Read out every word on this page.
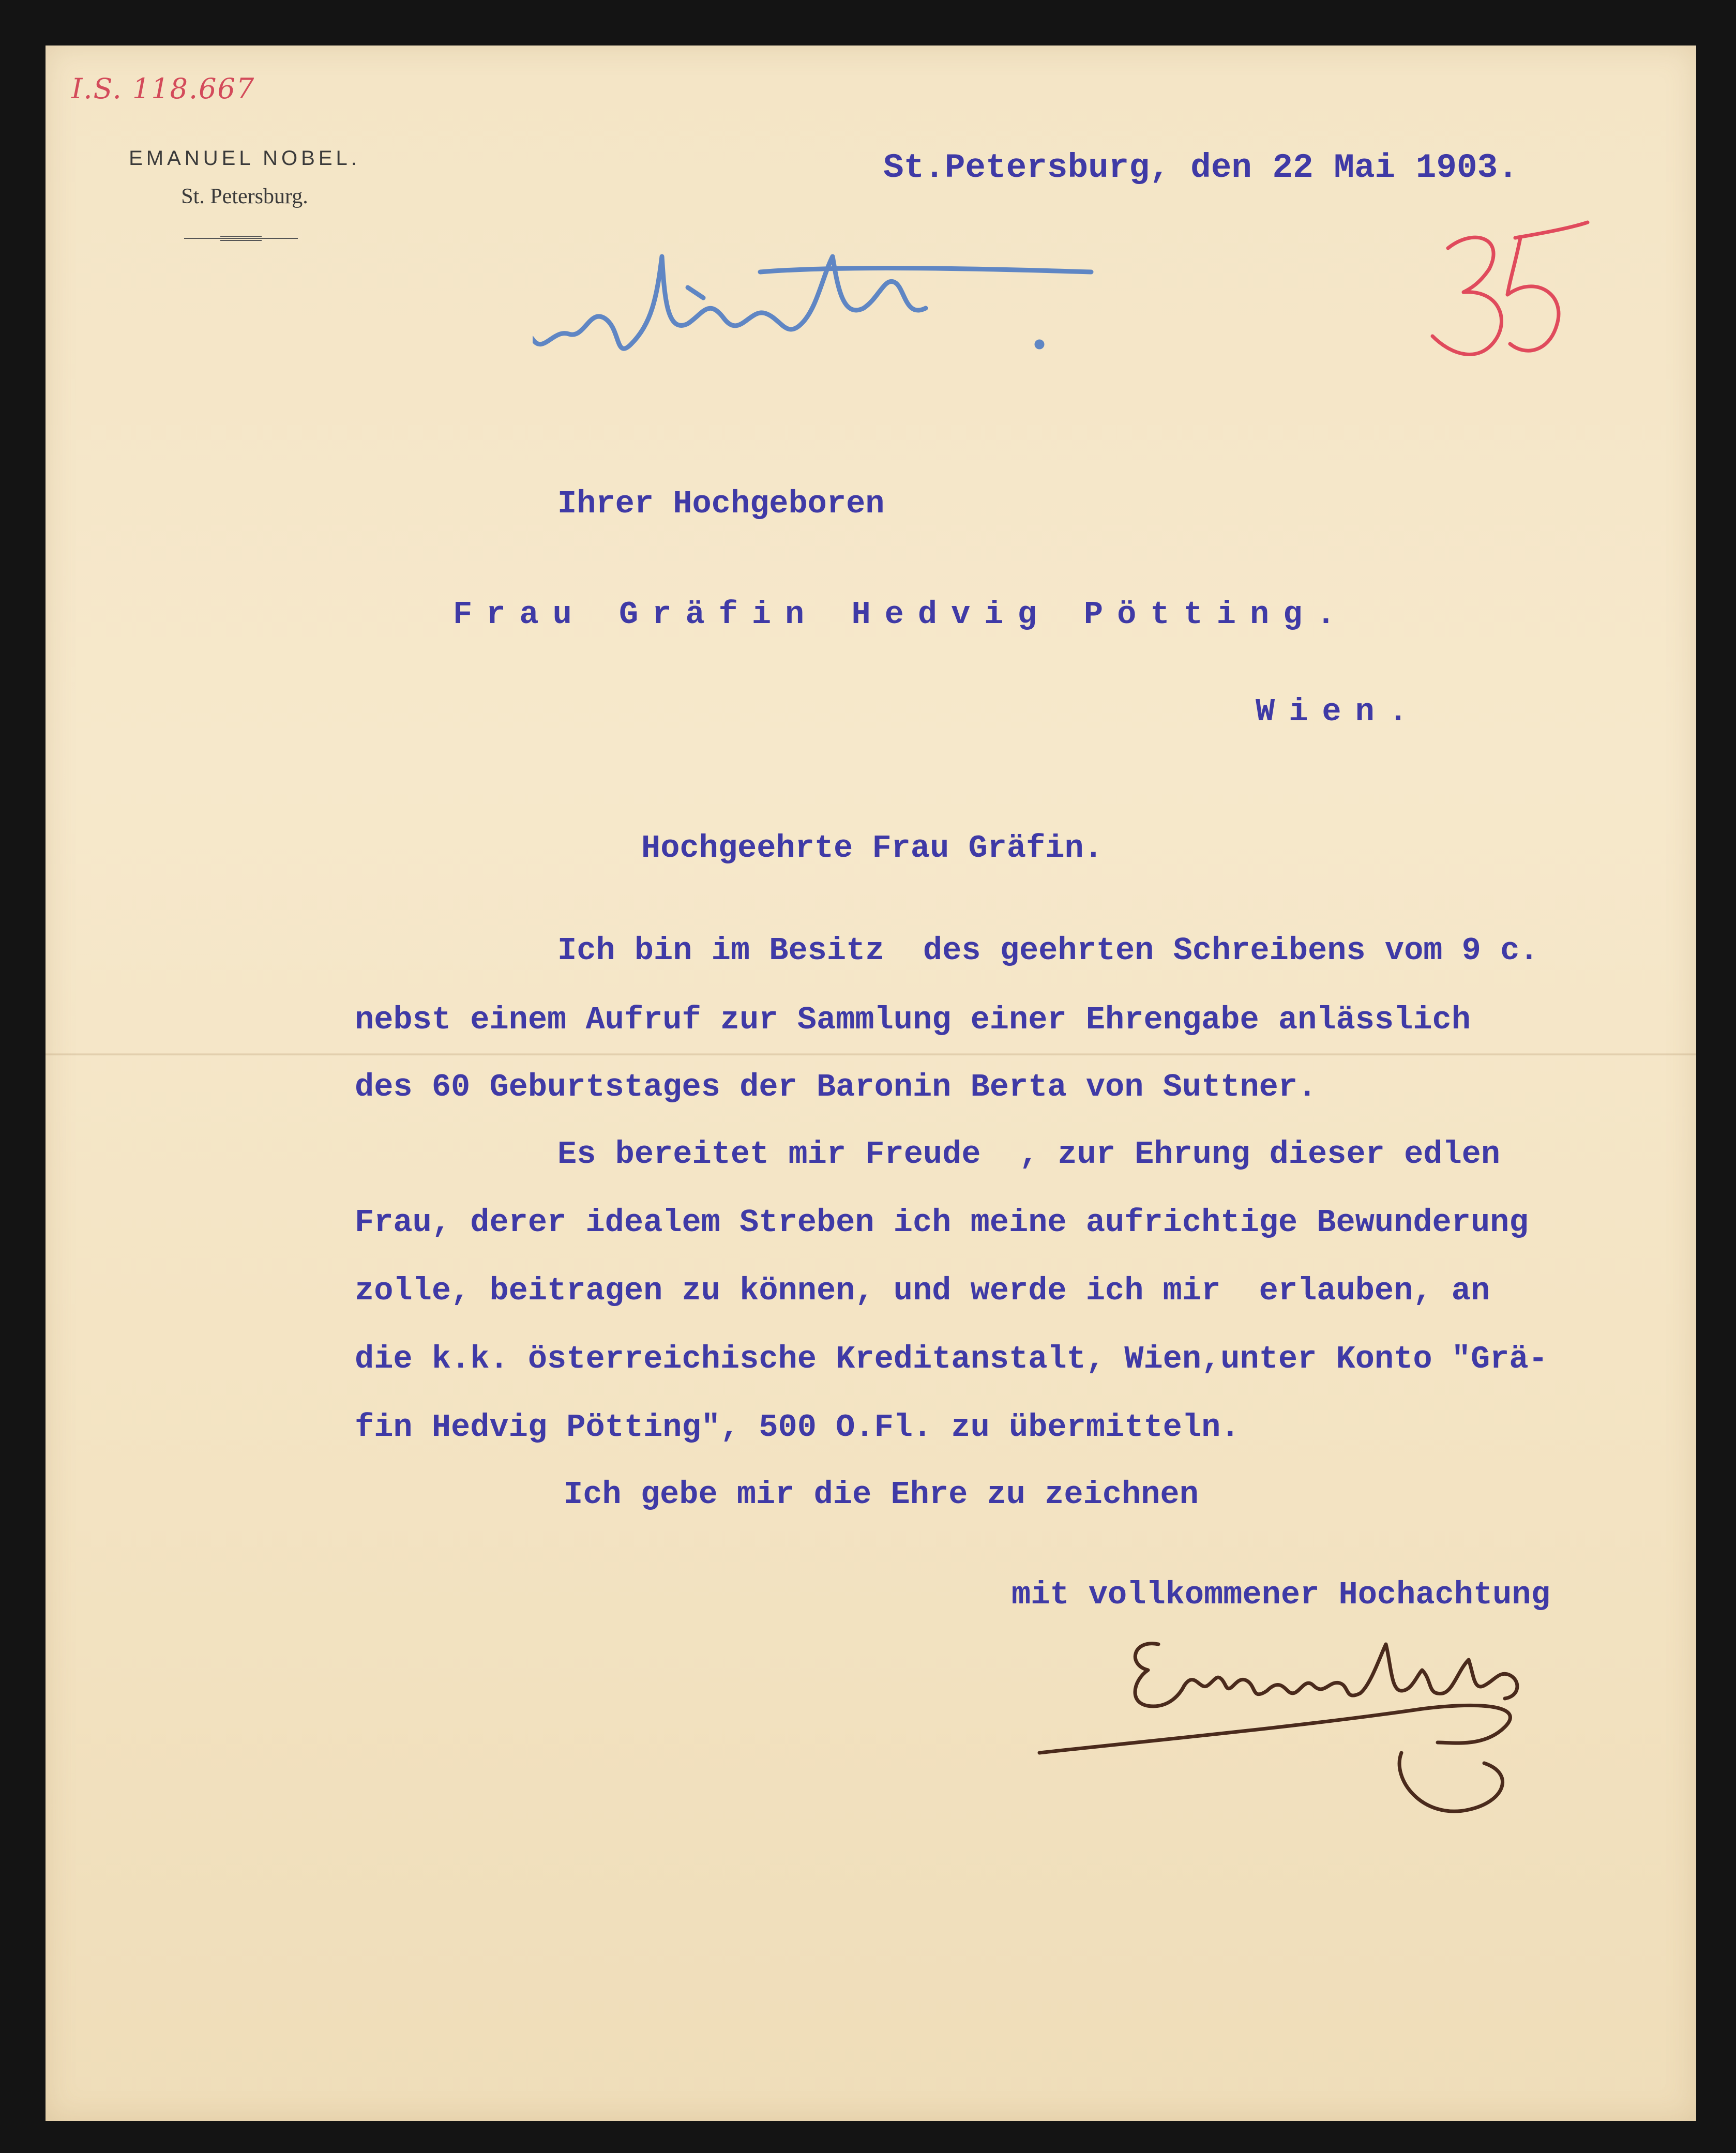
I.S. 118.667
EMANUEL NOBEL.
St. Petersburg.
St.Petersburg, den 22 Mai 1903.
Ihrer Hochgeboren
Frau Gräfin Hedvig Pötting.
Wien.
Hochgeehrte Frau Gräfin.
Ich bin im Besitz  des geehrten Schreibens vom 9 c.
nebst einem Aufruf zur Sammlung einer Ehrengabe anlässlich
des 60 Geburtstages der Baronin Berta von Suttner.
Es bereitet mir Freude  , zur Ehrung dieser edlen
Frau, derer idealem Streben ich meine aufrichtige Bewunderung
zolle, beitragen zu können, und werde ich mir  erlauben, an
die k.k. österreichische Kreditanstalt, Wien,unter Konto "Grä-
fin Hedvig Pötting", 500 O.Fl. zu übermitteln.
Ich gebe mir die Ehre zu zeichnen
mit vollkommener Hochachtung
